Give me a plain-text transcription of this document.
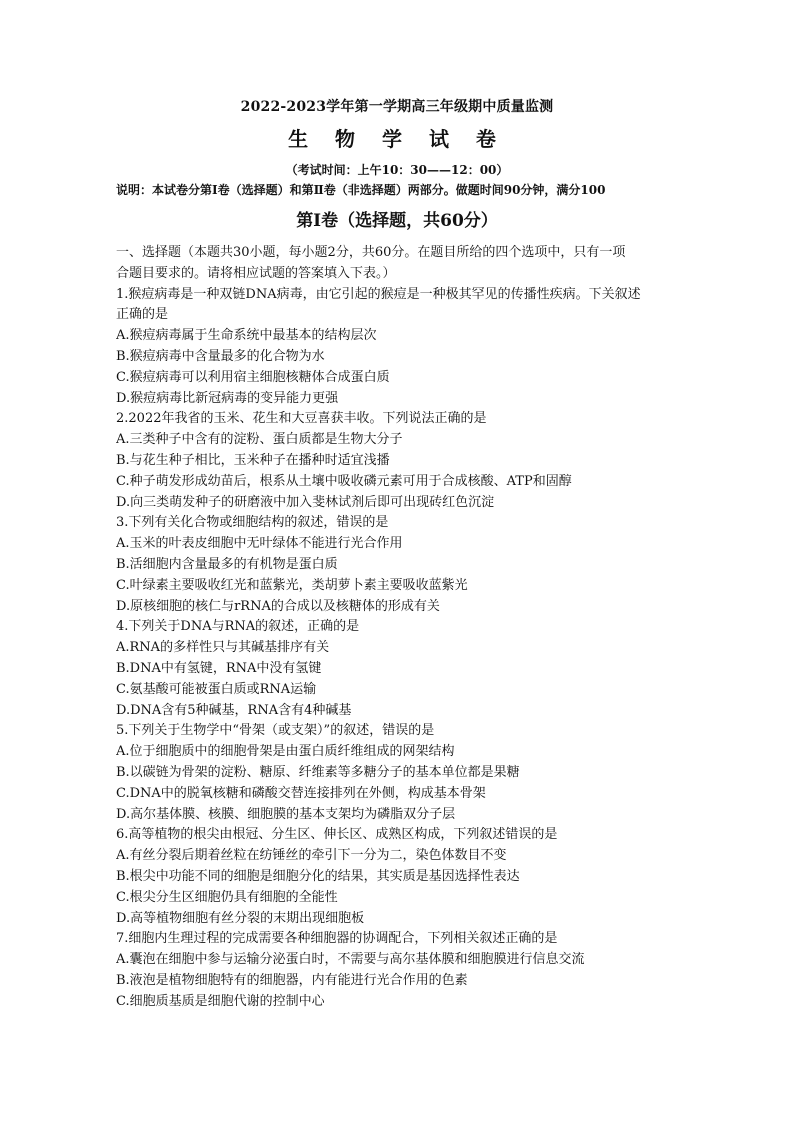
2022-2023学年第一学期高三年级期中质量监测
生 物 学 试 卷
（考试时间：上午10：30——12：00）
说明：本试卷分第Ⅰ卷（选择题）和第Ⅱ卷（非选择题）两部分。做题时间90分钟，满分100
第Ⅰ卷（选择题，共60分）
一、选择题（本题共30小题，每小题2分，共60分。在题目所给的四个选项中，只有一项
合题目要求的。请将相应试题的答案填入下表。）
1.猴痘病毒是一种双链DNA病毒，由它引起的猴痘是一种极其罕见的传播性疾病。下关叙述
正确的是
A.猴痘病毒属于生命系统中最基本的结构层次
B.猴痘病毒中含量最多的化合物为水
C.猴痘病毒可以利用宿主细胞核糖体合成蛋白质
D.猴痘病毒比新冠病毒的变异能力更强
2.2022年我省的玉米、花生和大豆喜获丰收。下列说法正确的是
A.三类种子中含有的淀粉、蛋白质都是生物大分子
B.与花生种子相比，玉米种子在播种时适宜浅播
C.种子萌发形成幼苗后，根系从土壤中吸收磷元素可用于合成核酸、ATP和固醇
D.向三类萌发种子的研磨液中加入斐林试剂后即可出现砖红色沉淀
3.下列有关化合物或细胞结构的叙述，错误的是
A.玉米的叶表皮细胞中无叶绿体不能进行光合作用
B.活细胞内含量最多的有机物是蛋白质
C.叶绿素主要吸收红光和蓝紫光，类胡萝卜素主要吸收蓝紫光
D.原核细胞的核仁与rRNA的合成以及核糖体的形成有关
4.下列关于DNA与RNA的叙述，正确的是
A.RNA的多样性只与其碱基排序有关
B.DNA中有氢键，RNA中没有氢键
C.氨基酸可能被蛋白质或RNA运输
D.DNA含有5种碱基，RNA含有4种碱基
5.下列关于生物学中“骨架（或支架）”的叙述，错误的是
A.位于细胞质中的细胞骨架是由蛋白质纤维组成的网架结构
B.以碳链为骨架的淀粉、糖原、纤维素等多糖分子的基本单位都是果糖
C.DNA中的脱氧核糖和磷酸交替连接排列在外侧，构成基本骨架
D.高尔基体膜、核膜、细胞膜的基本支架均为磷脂双分子层
6.高等植物的根尖由根冠、分生区、伸长区、成熟区构成，下列叙述错误的是
A.有丝分裂后期着丝粒在纺锤丝的牵引下一分为二，染色体数目不变
B.根尖中功能不同的细胞是细胞分化的结果，其实质是基因选择性表达
C.根尖分生区细胞仍具有细胞的全能性
D.高等植物细胞有丝分裂的末期出现细胞板
7.细胞内生理过程的完成需要各种细胞器的协调配合，下列相关叙述正确的是
A.囊泡在细胞中参与运输分泌蛋白时，不需要与高尔基体膜和细胞膜进行信息交流
B.液泡是植物细胞特有的细胞器，内有能进行光合作用的色素
C.细胞质基质是细胞代谢的控制中心
